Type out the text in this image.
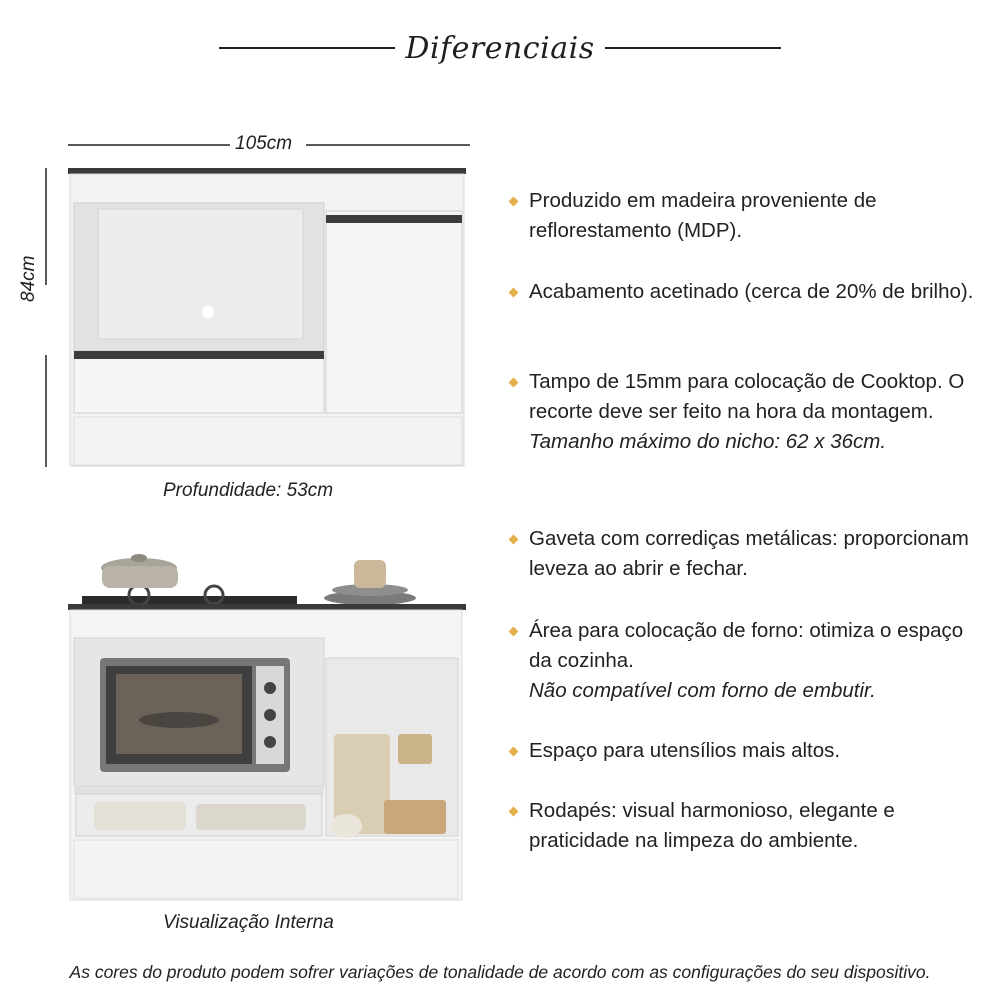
Diferenciais
105cm
84cm
Profundidade: 53cm
Visualização Interna
Produzido em madeira proveniente de reflorestamento (MDP).
Acabamento acetinado (cerca de 20% de brilho).
Tampo de 15mm para colocação de Cooktop. O recorte deve ser feito na hora da montagem.
Tamanho máximo do nicho: 62 x 36cm.
Gaveta com corrediças metálicas: proporcionam leveza ao abrir e fechar.
Área para colocação de forno: otimiza o espaço da cozinha.
Não compatível com forno de embutir.
Espaço para utensílios mais altos.
Rodapés: visual harmonioso, elegante e praticidade na limpeza do ambiente.
As cores do produto podem sofrer variações de tonalidade de acordo com as configurações do seu dispositivo.
